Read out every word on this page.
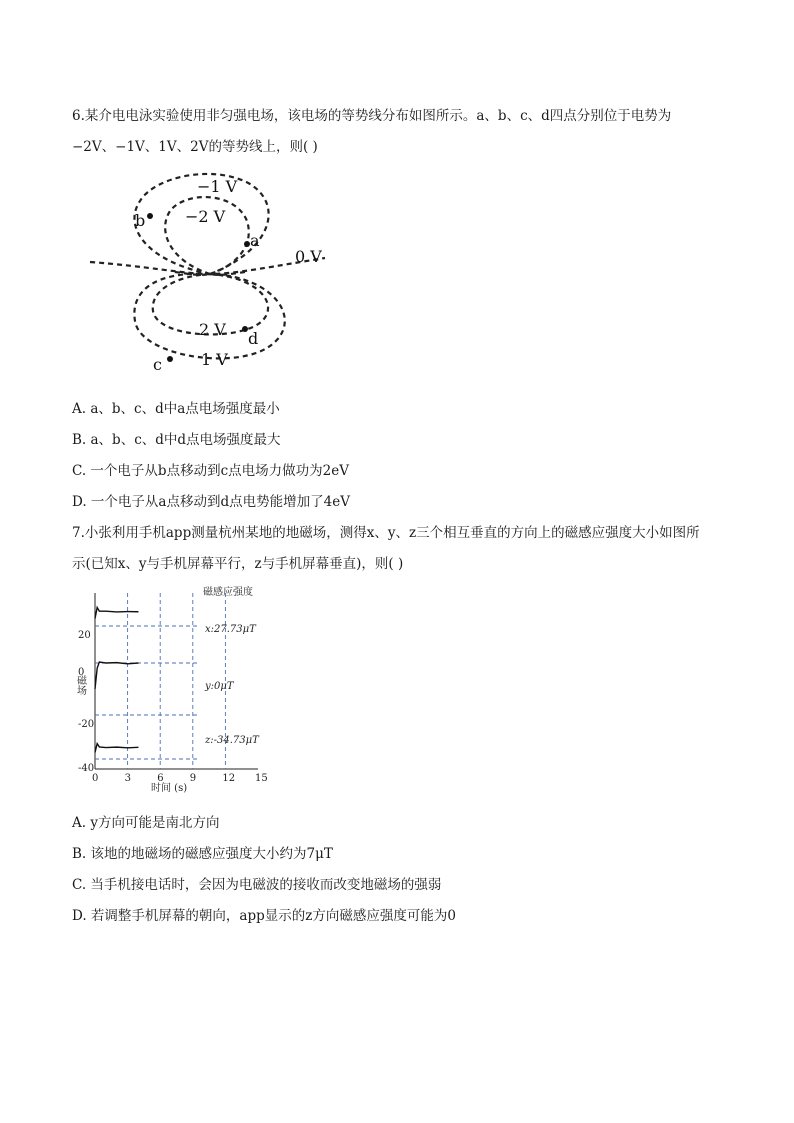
6.某介电电泳实验使用非匀强电场，该电场的等势线分布如图所示。a、b、c、d四点分别位于电势为
−2V、−1V、1V、2V的等势线上，则( )
−1 V
−2 V
0 V
2 V
1 V
a
b
c
d
A. a、b、c、d中a点电场强度最小
B. a、b、c、d中d点电场强度最大
C. 一个电子从b点移动到c点电场力做功为2eV
D. 一个电子从a点移动到d点电势能增加了4eV
7.小张利用手机app测量杭州某地的地磁场，测得x、y、z三个相互垂直的方向上的磁感应强度大小如图所
示(已知x、y与手机屏幕平行，z与手机屏幕垂直)，则( )
0	3	6	9	12 15
20
0
-20
-40
磁感应强度
时间 (s)
磁场
x:27.73μT
y:0μT
z:-34.73μT
A. y方向可能是南北方向
B. 该地的地磁场的磁感应强度大小约为7μT
C. 当手机接电话时，会因为电磁波的接收而改变地磁场的强弱
D. 若调整手机屏幕的朝向，app显示的z方向磁感应强度可能为0
